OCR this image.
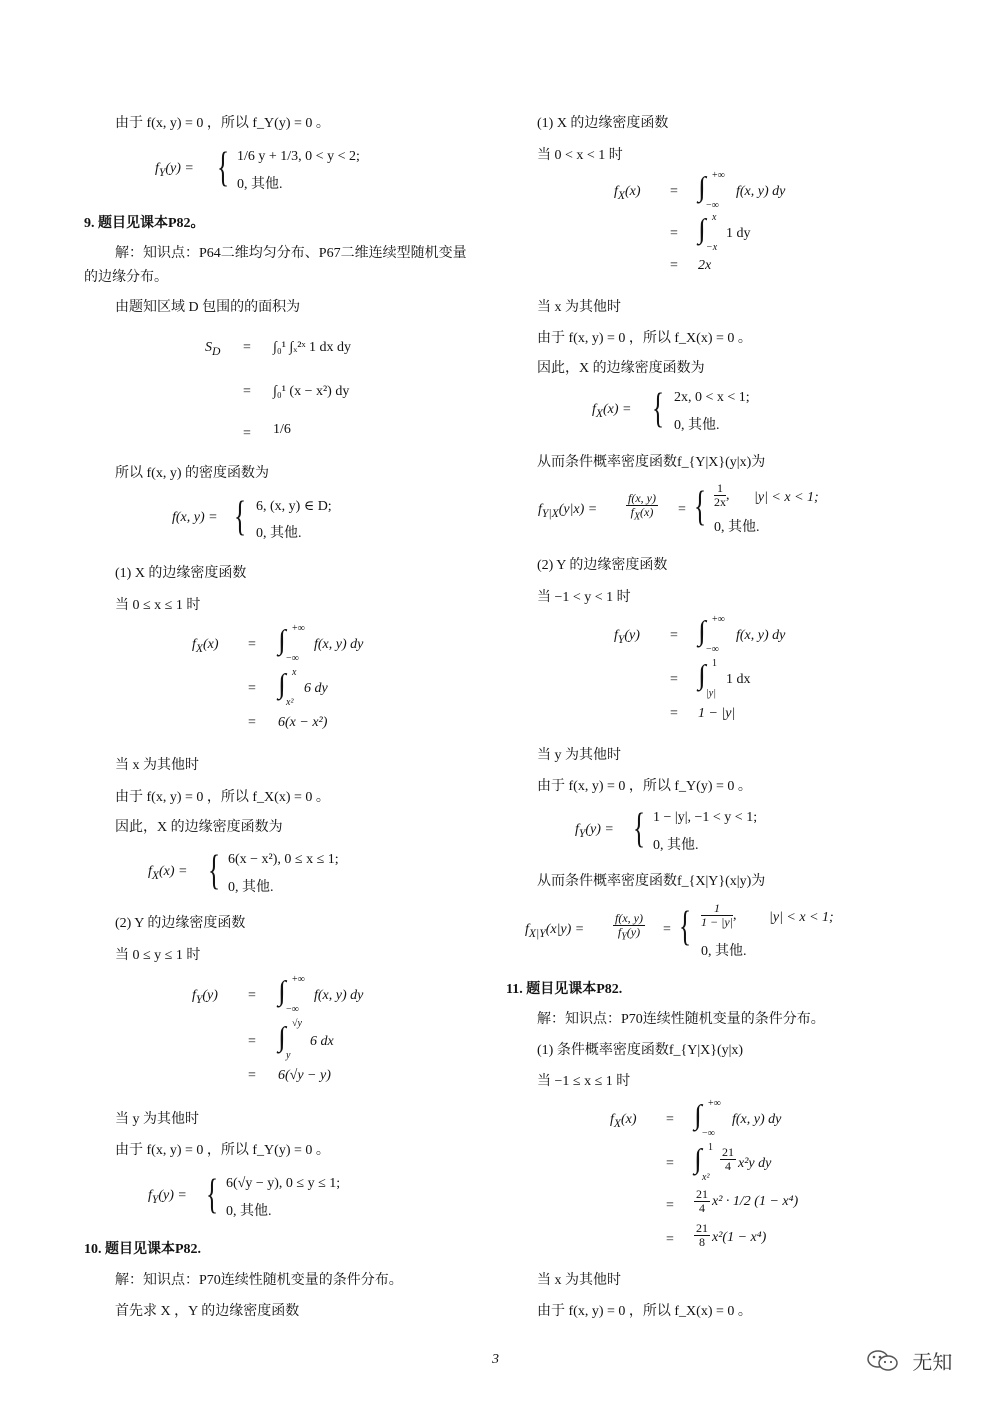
由于 f(x, y) = 0 ，所以 f_Y(y) = 0 。
$f_Y(y)$ = { 1/6 y + 1/3, 0 < y < 2;
0, 其他.
9. 题目见课本P82。
解：知识点：P64二维均匀分布、P67二维连续型随机变量
的边缘分布。
由题知区域 D 包围的的面积为
$S_D = \int_0^1$ ∫ₓ²ˣ 1 dx dy
= ∫₀¹ (x − x²) dy
= 1/6
所以 f(x, y) 的密度函数为
f(x, y) = { 6, (x, y) ∈ D;
0, 其他.
(1) X 的边缘密度函数
当 0 ≤ x ≤ 1 时
$f_X(x)$ = ∫ +∞
−∞
f(x, y) dy
= ∫ x
x²
6 dy
= 6(x − x²)
当 x 为其他时
由于 f(x, y) = 0 ，所以 f_X(x) = 0 。
因此，X 的边缘密度函数为
$f_X(x)$ = { 6(x − x²), 0 ≤ x ≤ 1;
0, 其他.
(2) Y 的边缘密度函数
当 0 ≤ y ≤ 1 时
$f_Y(y)$ = ∫ +∞
−∞
f(x, y) dy
= ∫ √y
y
6 dx
= 6(√y − y)
当 y 为其他时
由于 f(x, y) = 0 ，所以 f_Y(y) = 0 。
$f_Y(y)$ = { 6(√y − y), 0 ≤ y ≤ 1;
0, 其他.
10. 题目见课本P82.
解：知识点：P70连续性随机变量的条件分布。
首先求 X ，Y 的边缘密度函数
(1) X 的边缘密度函数
当 0 < x < 1 时
$f_X(x)$ = ∫ +∞
−∞
f(x, y) dy
= ∫ x
−x
1 dy
= 2x
当 x 为其他时
由于 f(x, y) = 0 ，所以 f_X(x) = 0 。
因此，X 的边缘密度函数为
$f_X(x)$ = { 2x, 0 < x < 1;
0, 其他.
从而条件概率密度函数f_{Y|X}(y|x)为
$f_{Y|X}(y|x) = \frac{f(x, y)}{f_X(x)}$ = { $\frac{1}{2x}$ , |y| < x < 1;
0, 其他.
(2) Y 的边缘密度函数
当 −1 < y < 1 时
$f_Y(y)$ = ∫ +∞
−∞
f(x, y) dy
= ∫ 1
|y|
1 dx
= 1 − |y|
当 y 为其他时
由于 f(x, y) = 0 ，所以 f_Y(y) = 0 。
$f_Y(y)$ = { 1 − |y|, −1 < y < 1;
0, 其他.
从而条件概率密度函数f_{X|Y}(x|y)为
$f_{X|Y}(x|y) = \frac{f(x, y)}{f_Y(y)}$ = { $\frac{1}{1 - |y|}$ , |y| < x < 1;
0, 其他.
11. 题目见课本P82.
解：知识点：P70连续性随机变量的条件分布。
(1) 条件概率密度函数f_{Y|X}(y|x)
当 −1 ≤ x ≤ 1 时
$f_X(x)$ = ∫ +∞
−∞
f(x, y) dy
= ∫ 1
x²
$\frac{21}{4} x^2y$ dy
= $\frac{21}{4} x^2 \cdot 1/2$ (1 − x⁴)
= $\frac{21}{8} x^2(1 - x^4)$
当 x 为其他时
由于 f(x, y) = 0 ，所以 f_X(x) = 0 。
3	无知
